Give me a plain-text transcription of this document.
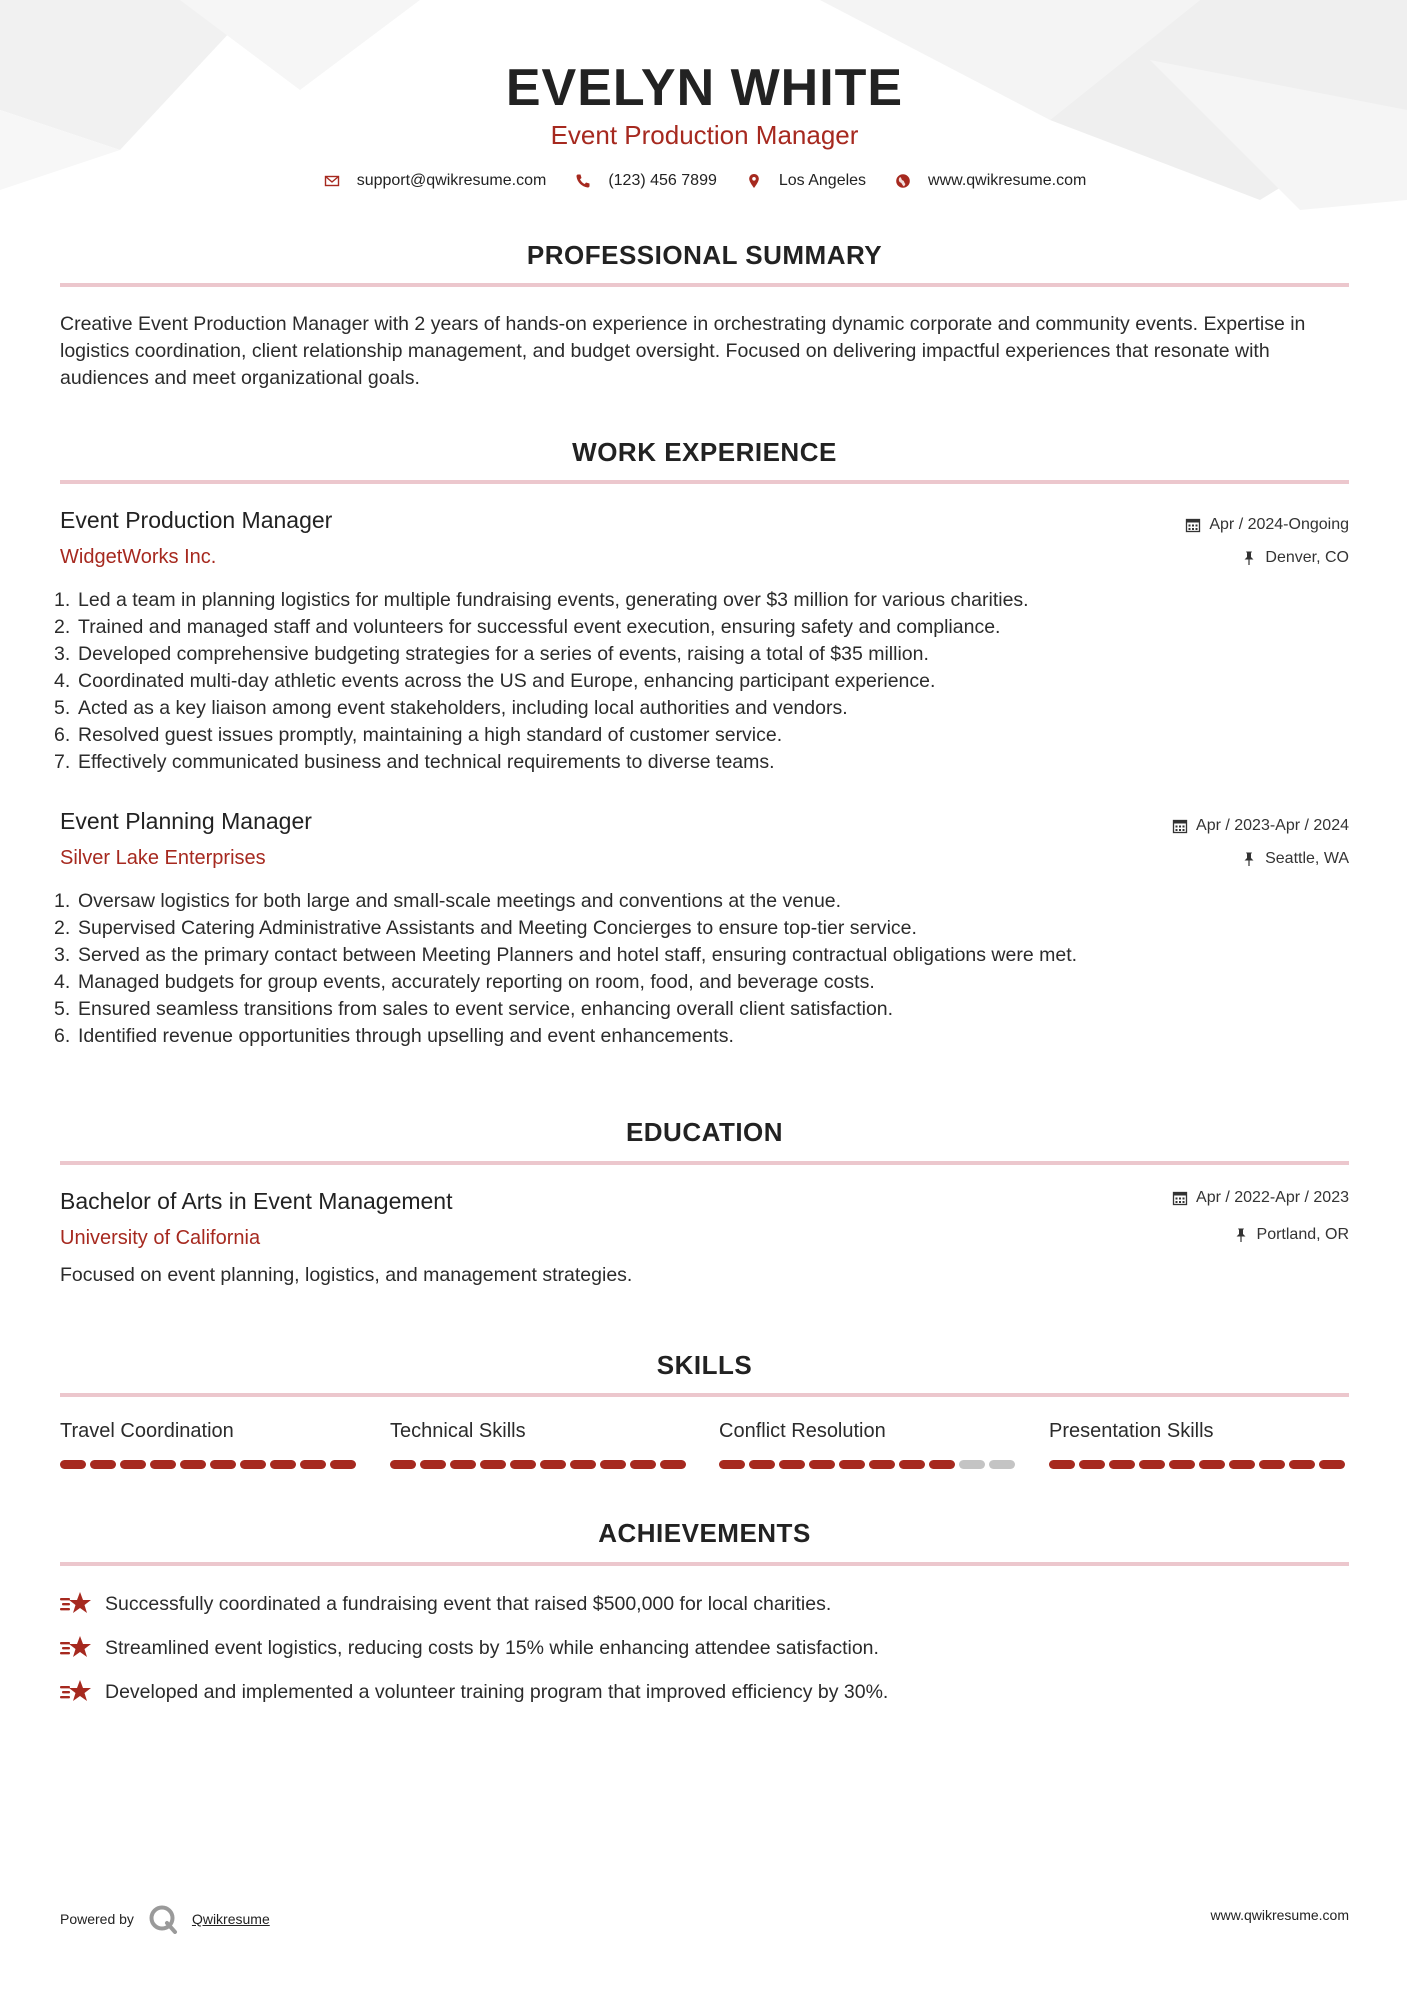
EVELYN WHITE
Event Production Manager
support@qwikresume.com	(123) 456 7899	Los Angeles	www.qwikresume.com
PROFESSIONAL SUMMARY
Creative Event Production Manager with 2 years of hands-on experience in orchestrating dynamic corporate and community events. Expertise in logistics coordination, client relationship management, and budget oversight. Focused on delivering impactful experiences that resonate with audiences and meet organizational goals.
WORK EXPERIENCE
Event Production Manager
WidgetWorks Inc.
Apr / 2024-Ongoing
Denver, CO
1. Led a team in planning logistics for multiple fundraising events, generating over $3 million for various charities.
2. Trained and managed staff and volunteers for successful event execution, ensuring safety and compliance.
3. Developed comprehensive budgeting strategies for a series of events, raising a total of $35 million.
4. Coordinated multi-day athletic events across the US and Europe, enhancing participant experience.
5. Acted as a key liaison among event stakeholders, including local authorities and vendors.
6. Resolved guest issues promptly, maintaining a high standard of customer service.
7. Effectively communicated business and technical requirements to diverse teams.
Event Planning Manager
Silver Lake Enterprises
Apr / 2023-Apr / 2024
Seattle, WA
1. Oversaw logistics for both large and small-scale meetings and conventions at the venue.
2. Supervised Catering Administrative Assistants and Meeting Concierges to ensure top-tier service.
3. Served as the primary contact between Meeting Planners and hotel staff, ensuring contractual obligations were met.
4. Managed budgets for group events, accurately reporting on room, food, and beverage costs.
5. Ensured seamless transitions from sales to event service, enhancing overall client satisfaction.
6. Identified revenue opportunities through upselling and event enhancements.
EDUCATION
Bachelor of Arts in Event Management
University of California
Apr / 2022-Apr / 2023
Portland, OR
Focused on event planning, logistics, and management strategies.
SKILLS
Travel Coordination	Technical Skills	Conflict Resolution	Presentation Skills
ACHIEVEMENTS
Successfully coordinated a fundraising event that raised $500,000 for local charities.
Streamlined event logistics, reducing costs by 15% while enhancing attendee satisfaction.
Developed and implemented a volunteer training program that improved efficiency by 30%.
Powered by	Qwikresume	www.qwikresume.com
